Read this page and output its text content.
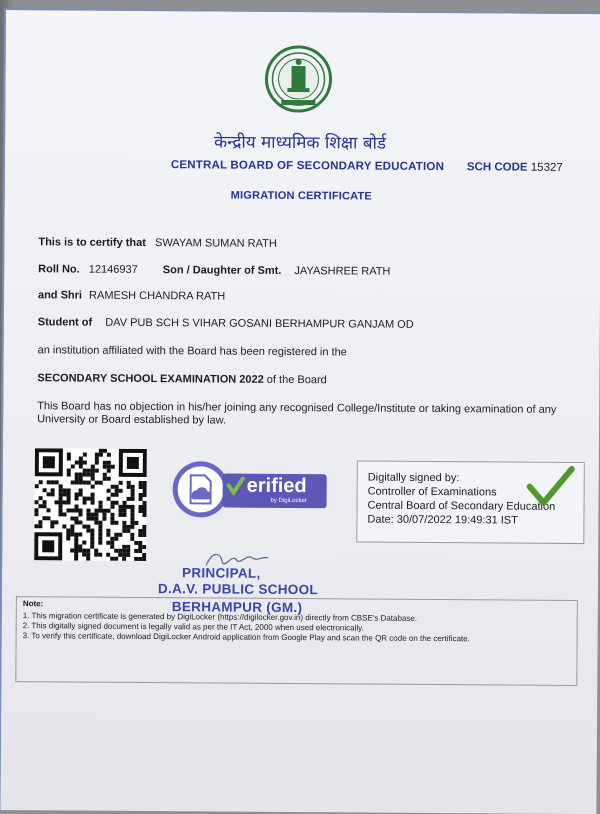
केन्द्रीय माध्यमिक शिक्षा बोर्ड
CENTRAL BOARD OF SECONDARY EDUCATION SCH CODE 15327
MIGRATION CERTIFICATE
This is to certify that SWAYAM SUMAN RATH
Roll No. 12146937 Son / Daughter of Smt. JAYASHREE RATH
and Shri RAMESH CHANDRA RATH
Student of DAV PUB SCH S VIHAR GOSANI BERHAMPUR GANJAM OD
an institution affiliated with the Board has been registered in the
SECONDARY SCHOOL EXAMINATION 2022 of the Board
This Board has no objection in his/her joining any recognised College/Institute or taking examination of any
University or Board established by law.
erified
by DigiLocker
Digitally signed by:
Controller of Examinations
Central Board of Secondary Education
Date: 30/07/2022 19:49:31 IST
PRINCIPAL,
D.A.V. PUBLIC SCHOOL
BERHAMPUR (GM.)
Note:
1. This migration certificate is generated by DigiLocker (https://digilocker.gov.in) directly from CBSE's Database.
2. This digitally signed document is legally valid as per the IT Act, 2000 when used electronically.
3. To verify this certificate, download DigiLocker Android application from Google Play and scan the QR code on the certificate.
